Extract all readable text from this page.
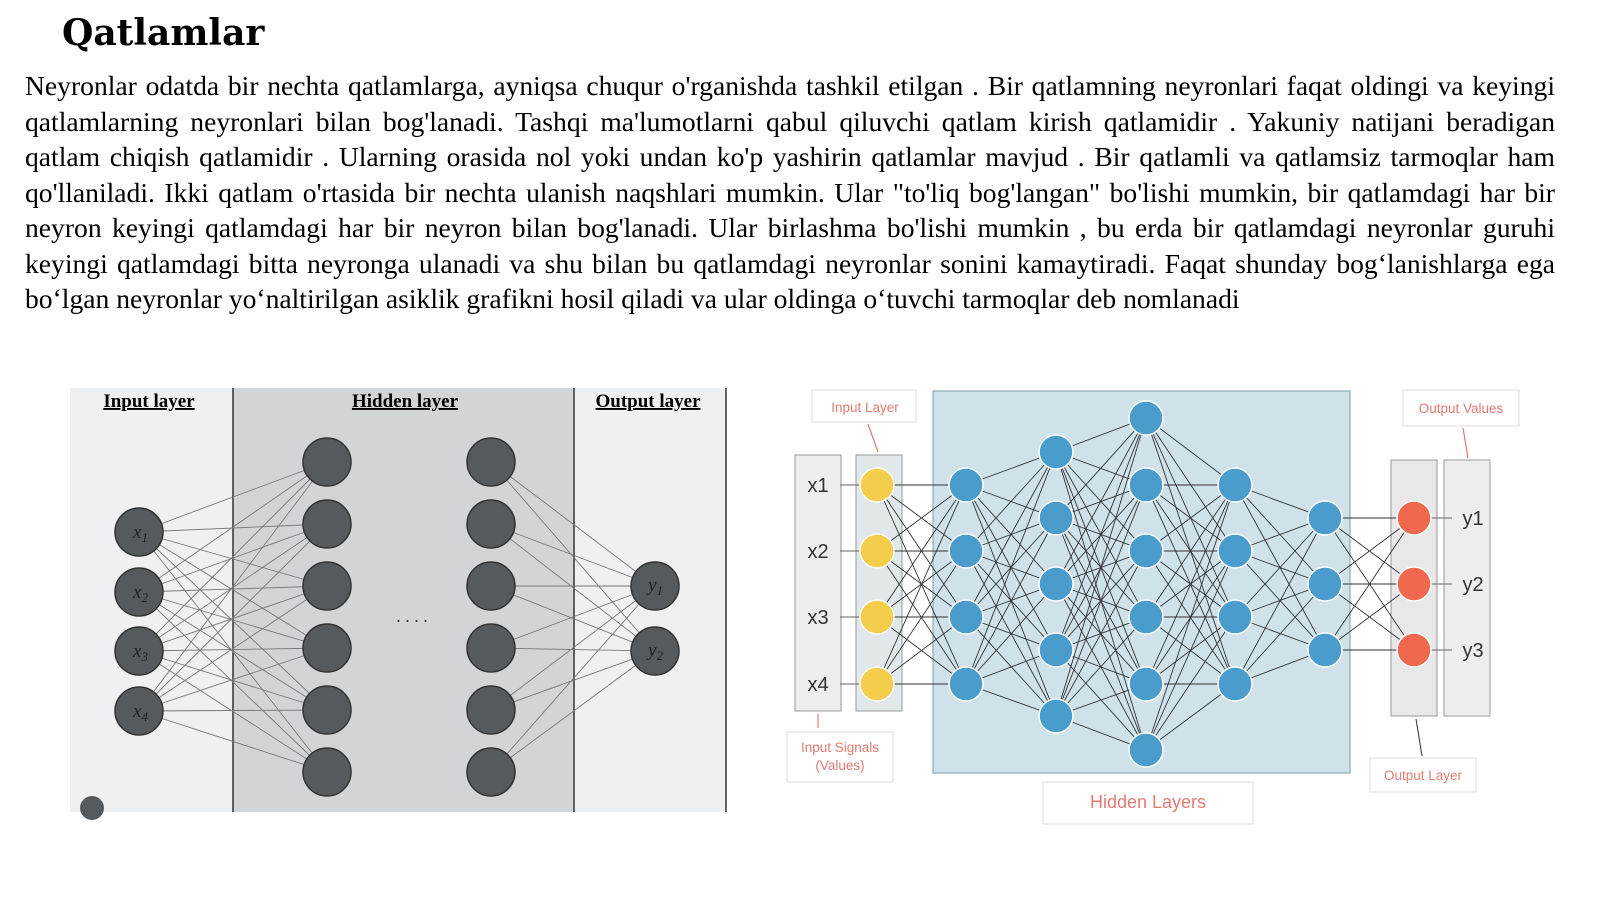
Qatlamlar

Neyronlar odatda bir nechta qatlamlarga, ayniqsa chuqur o'rganishda tashkil etilgan . Bir qatlamning neyronlari faqat oldingi va keyingi qatlamlarning neyronlari bilan bog'lanadi. Tashqi ma'lumotlarni qabul qiluvchi qatlam kirish qatlamidir . Yakuniy natijani beradigan qatlam chiqish qatlamidir . Ularning orasida nol yoki undan ko'p yashirin qatlamlar mavjud . Bir qatlamli va qatlamsiz tarmoqlar ham qo'llaniladi. Ikki qatlam o'rtasida bir nechta ulanish naqshlari mumkin. Ular "to'liq bog'langan" bo'lishi mumkin, bir qatlamdagi har bir neyron keyingi qatlamdagi har bir neyron bilan bog'lanadi. Ular birlashma bo'lishi mumkin , bu erda bir qatlamdagi neyronlar guruhi keyingi qatlamdagi bitta neyronga ulanadi va shu bilan bu qatlamdagi neyronlar sonini kamaytiradi. Faqat shunday bog‘lanishlarga ega bo‘lgan neyronlar yo‘naltirilgan asiklik grafikni hosil qiladi va ular oldinga o‘tuvchi tarmoqlar deb nomlanadi

Input layer	Hidden layer	Output layer
. . . .
$x_1$
$x_2$
$x_3$
$x_4$
$y_1$
$y_2$
x1
x2
x3
x4
y1
y2
y3
Input Layer	Output Values
Input Signals (Values)
Output Layer
Hidden Layers
